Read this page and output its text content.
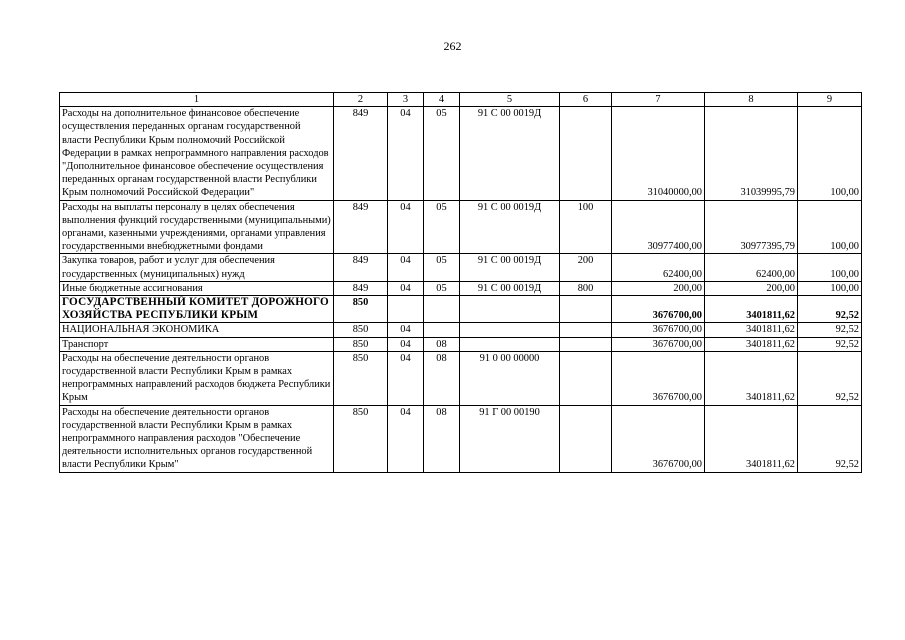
262
1	2	3	4	5	6	7	8	9
Расходы на дополнительное финансовое обеспечение осуществления переданных органам государственной власти Республики Крым полномочий Российской Федерации в рамках непрограммного направления расходов "Дополнительное финансовое обеспечение осуществления переданных органам государственной власти Республики Крым полномочий Российской Федерации"	849	04	05	91 С 00 0019Д		31040000,00	31039995,79	100,00
Расходы на выплаты персоналу в целях обеспечения выполнения функций государственными (муниципальными) органами, казенными учреждениями, органами управления государственными внебюджетными фондами	849	04	05	91 С 00 0019Д	100	30977400,00	30977395,79	100,00
Закупка товаров, работ и услуг для обеспечения государственных (муниципальных) нужд	849	04	05	91 С 00 0019Д	200	62400,00	62400,00	100,00
Иные бюджетные ассигнования	849	04	05	91 С 00 0019Д	800	200,00	200,00	100,00
ГОСУДАРСТВЕННЫЙ КОМИТЕТ ДОРОЖНОГО ХОЗЯЙСТВА РЕСПУБЛИКИ КРЫМ	850					3676700,00	3401811,62	92,52
НАЦИОНАЛЬНАЯ ЭКОНОМИКА	850	04				3676700,00	3401811,62	92,52
Транспорт	850	04	08			3676700,00	3401811,62	92,52
Расходы на обеспечение деятельности органов государственной власти Республики Крым в рамках непрограммных направлений расходов бюджета Республики Крым	850	04	08	91 0 00 00000		3676700,00	3401811,62	92,52
Расходы на обеспечение деятельности органов государственной власти Республики Крым в рамках непрограммного направления расходов "Обеспечение деятельности исполнительных органов государственной власти Республики Крым"	850	04	08	91 Г 00 00190		3676700,00	3401811,62	92,52
